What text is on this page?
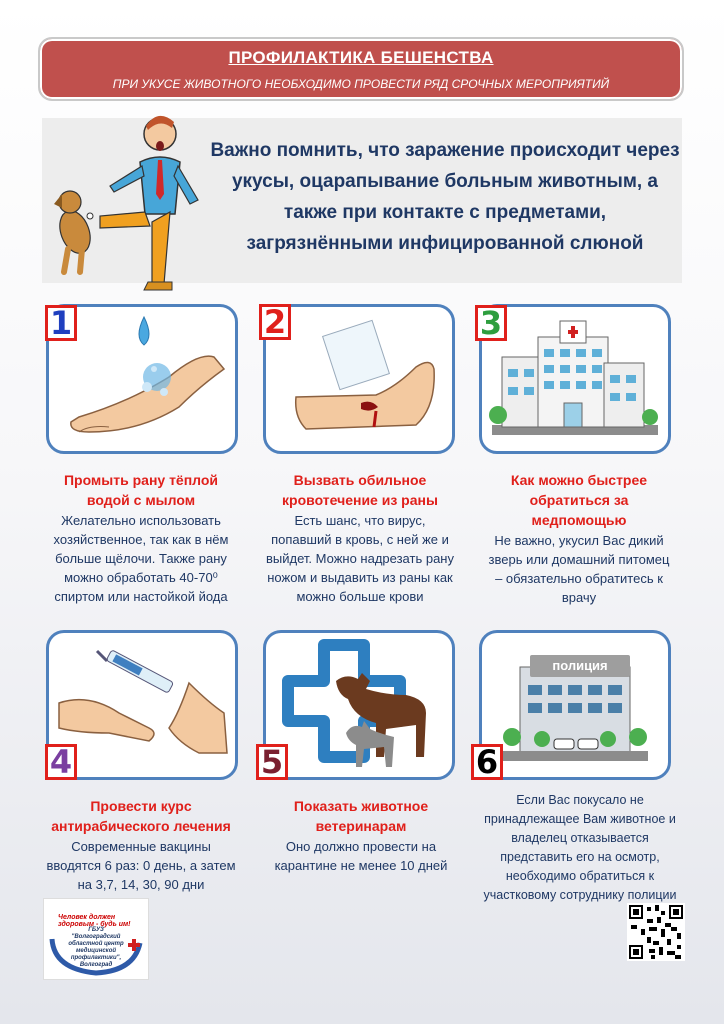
ПРОФИЛАКТИКА БЕШЕНСТВА
ПРИ УКУСЕ ЖИВОТНОГО НЕОБХОДИМО ПРОВЕСТИ РЯД СРОЧНЫХ МЕРОПРИЯТИЙ
Важно помнить, что заражение происходит через
укусы, оцарапывание больным животным, а
также при контакте с предметами,
загрязнёнными инфицированной слюной
1	2	3
Промыть рану тёплой
водой с мылом
Желательно использовать
хозяйственное, так как в нём
больше щёлочи. Также рану
можно обработать 40-70⁰
спиртом или настойкой йода
Вызвать обильное
кровотечение из раны
Есть шанс, что вирус,
попавший в кровь, с ней же и
выйдет. Можно надрезать рану
ножом и выдавить из раны как
можно больше крови
Как можно быстрее
обратиться за
медпомощью
Не важно, укусил Вас дикий
зверь или домашний питомец
– обязательно обратитесь к
врачу
4	5
полиция
6
Провести курс
антирабического лечения
Современные вакцины
вводятся 6 раз: 0 день, а затем
на 3,7, 14, 30, 90 дни
Показать животное
ветеринарам
Оно должно провести на
карантине не менее 10 дней
Если Вас покусало не
принадлежащее Вам животное и
владелец отказывается
представить его на осмотр,
необходимо обратиться к
участковому сотруднику полиции
Человек должен здоровым - будь им!
ГБУЗ "Волгоградский областной центр медицинской профилактики", Волгоград
